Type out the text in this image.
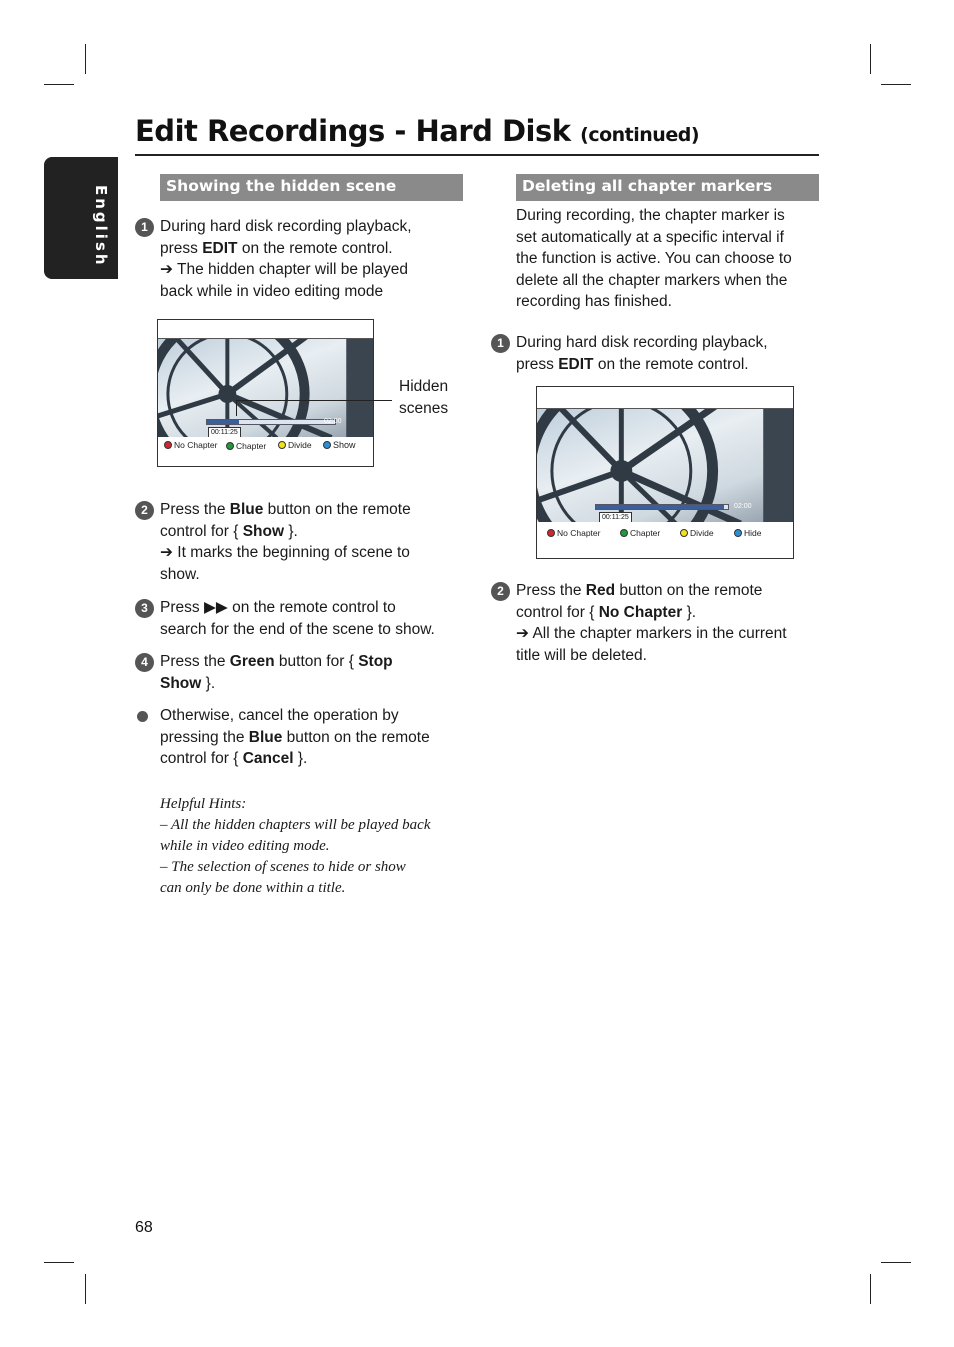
English
Edit Recordings - Hard Disk (continued)
Showing the hidden scene
1 During hard disk recording playback,
press EDIT on the remote control.
➔ The hidden chapter will be played
back while in video editing mode
02:00
00:11:25
No Chapter	Chapter	Divide	Show
Hidden
scenes
2 Press the Blue button on the remote
control for { Show }.
➔ It marks the beginning of scene to
show.
3 Press ▶▶ on the remote control to
search for the end of the scene to show.
4 Press the Green button for { Stop
Show }.
Otherwise, cancel the operation by
pressing the Blue button on the remote
control for { Cancel }.
Helpful Hints:
– All the hidden chapters will be played back
while in video editing mode.
– The selection of scenes to hide or show
can only be done within a title.
Deleting all chapter markers
During recording, the chapter marker is
set automatically at a specific interval if
the function is active. You can choose to
delete all the chapter markers when the
recording has finished.
1 During hard disk recording playback,
press EDIT on the remote control.
02:00
00:11:25
No Chapter	Chapter	Divide	Hide
2 Press the Red button on the remote
control for { No Chapter }.
➔ All the chapter markers in the current
title will be deleted.
68
